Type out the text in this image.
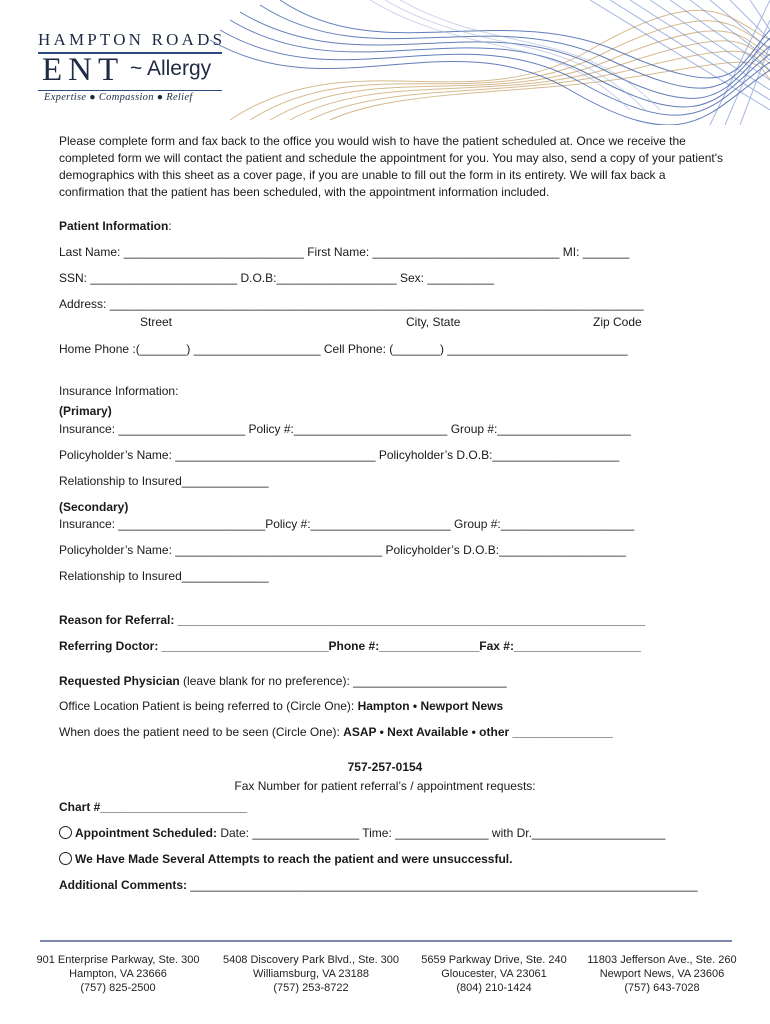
HAMPTON ROADS
ENT ~ Allergy
Expertise ● Compassion ● Relief

Please complete form and fax back to the office you would wish to have the patient scheduled at. Once we receive the completed form we will contact the patient and schedule the appointment for you. You may also, send a copy of your patient's demographics with this sheet as a cover page, if you are unable to fill out the form in its entirety. We will fax back a confirmation that the patient has been scheduled, with the appointment information included.

Patient Information:
Last Name: ___________________________ First Name: ____________________________ MI: _______
SSN: ______________________ D.O.B:__________________ Sex: __________
Address: ________________________________________________________________________________
Street	City, State	Zip Code
Home Phone :(_______) ___________________ Cell Phone: (_______) ___________________________
Insurance Information:
(Primary)
Insurance: ___________________ Policy #:_______________________ Group #:____________________
Policyholder’s Name: ______________________________ Policyholder’s D.O.B:___________________
Relationship to Insured_____________
(Secondary)
Insurance: ______________________Policy #:_____________________ Group #:____________________
Policyholder’s Name: _______________________________ Policyholder’s D.O.B:___________________
Relationship to Insured_____________
Reason for Referral: ______________________________________________________________________
Referring Doctor: _________________________Phone #:_______________Fax #:___________________
Requested Physician (leave blank for no preference): _______________________
Office Location Patient is being referred to (Circle One): Hampton • Newport News
When does the patient need to be seen (Circle One): ASAP • Next Available • other _______________
757-257-0154
Fax Number for patient referral’s / appointment requests:
Chart #______________________
Appointment Scheduled: Date: ________________ Time: ______________ with Dr.____________________
We Have Made Several Attempts to reach the patient and were unsuccessful.
Additional Comments: ____________________________________________________________________________
901 Enterprise Parkway, Ste. 300
Hampton, VA 23666
(757) 825-2500
5408 Discovery Park Blvd., Ste. 300
Williamsburg, VA 23188
(757) 253-8722
5659 Parkway Drive, Ste. 240
Gloucester, VA 23061
(804) 210-1424
11803 Jefferson Ave., Ste. 260
Newport News, VA 23606
(757) 643-7028
